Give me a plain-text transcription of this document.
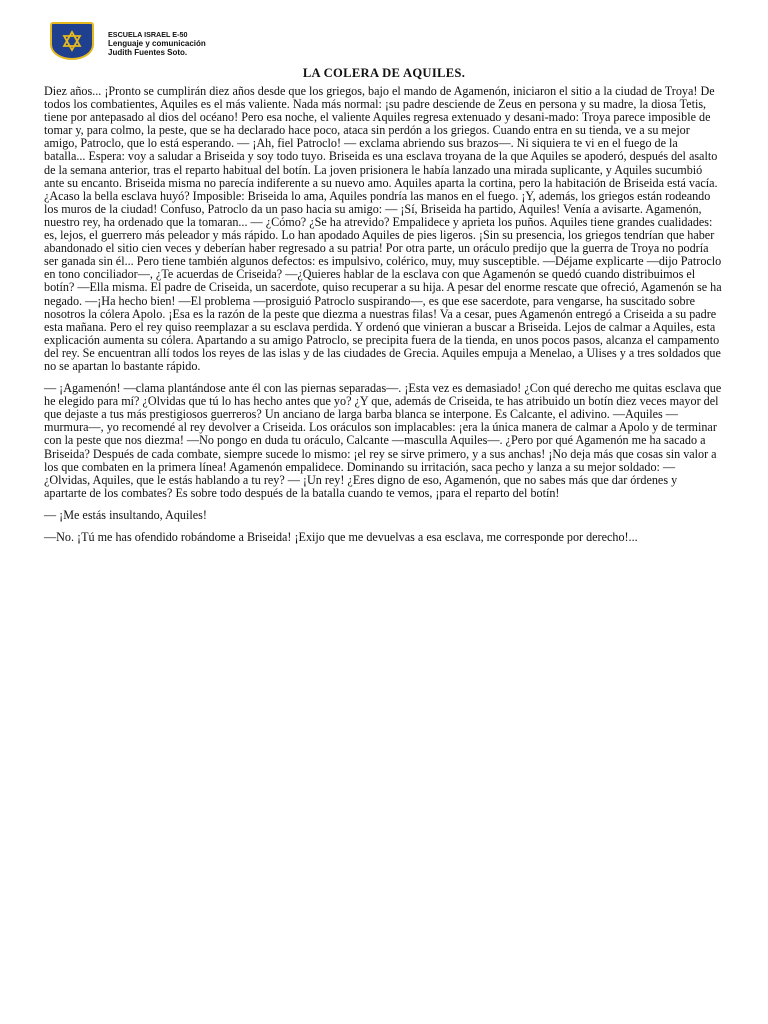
ESCUELA ISRAEL E-50
Lenguaje y comunicación
Judith Fuentes Soto.
LA COLERA DE AQUILES.

Diez años... ¡Pronto se cumplirán diez años desde que los griegos, bajo el mando de Agamenón, iniciaron el sitio a la ciudad de Troya! De todos los combatientes, Aquiles es el más valiente. Nada más normal: ¡su padre desciende de Zeus en persona y su madre, la diosa Tetis, tiene por antepasado al dios del océano! Pero esa noche, el valiente Aquiles regresa extenuado y desani-mado: Troya parece imposible de tomar y, para colmo, la peste, que se ha declarado hace poco, ataca sin perdón a los griegos. Cuando entra en su tienda, ve a su mejor amigo, Patroclo, que lo está esperando. — ¡Ah, fiel Patroclo! — exclama abriendo sus brazos—. Ni siquiera te vi en el fuego de la batalla... Espera: voy a saludar a Briseida y soy todo tuyo. Briseida es una esclava troyana de la que Aquiles se apoderó, después del asalto de la semana anterior, tras el reparto habitual del botín. La joven prisionera le había lanzado una mirada suplicante, y Aquiles sucumbió ante su encanto. Briseida misma no parecía indiferente a su nuevo amo. Aquiles aparta la cortina, pero la habitación de Briseida está vacía. ¿Acaso la bella esclava huyó? Imposible: Briseida lo ama, Aquiles pondría las manos en el fuego. ¡Y, además, los griegos están rodeando los muros de la ciudad! Confuso, Patroclo da un paso hacia su amigo: — ¡Sí, Briseida ha partido, Aquiles! Venía a avisarte. Agamenón, nuestro rey, ha ordenado que la tomaran... — ¿Cómo? ¿Se ha atrevido? Empalidece y aprieta los puños. Aquiles tiene grandes cualidades: es, lejos, el guerrero más peleador y más rápido. Lo han apodado Aquiles de pies ligeros. ¡Sin su presencia, los griegos tendrían que haber abandonado el sitio cien veces y deberían haber regresado a su patria! Por otra parte, un oráculo predijo que la guerra de Troya no podría ser ganada sin él... Pero tiene también algunos defectos: es impulsivo, colérico, muy, muy susceptible. —Déjame explicarte —dijo Patroclo en tono conciliador—, ¿Te acuerdas de Criseida? —¿Quieres hablar de la esclava con que Agamenón se quedó cuando distribuimos el botín? —Ella misma. El padre de Criseida, un sacerdote, quiso recuperar a su hija. A pesar del enorme rescate que ofreció, Agamenón se ha negado. —¡Ha hecho bien! —El problema —prosiguió Patroclo suspirando—, es que ese sacerdote, para vengarse, ha suscitado sobre nosotros la cólera Apolo. ¡Esa es la razón de la peste que diezma a nuestras filas! Va a cesar, pues Agamenón entregó a Criseida a su padre esta mañana. Pero el rey quiso reemplazar a su esclava perdida. Y ordenó que vinieran a buscar a Briseida. Lejos de calmar a Aquiles, esta explicación aumenta su cólera. Apartando a su amigo Patroclo, se precipita fuera de la tienda, en unos pocos pasos, alcanza el campamento del rey. Se encuentran allí todos los reyes de las islas y de las ciudades de Grecia. Aquiles empuja a Menelao, a Ulises y a tres soldados que no se apartan lo bastante rápido.

— ¡Agamenón! —clama plantándose ante él con las piernas separadas—. ¡Esta vez es demasiado! ¿Con qué derecho me quitas esclava que he elegido para mí? ¿Olvidas que tú lo has hecho antes que yo? ¿Y que, además de Criseida, te has atribuido un botín diez veces mayor del que dejaste a tus más prestigiosos guerreros? Un anciano de larga barba blanca se interpone. Es Calcante, el adivino. —Aquiles —murmura—, yo recomendé al rey devolver a Criseida. Los oráculos son implacables: ¡era la única manera de calmar a Apolo y de terminar con la peste que nos diezma! —No pongo en duda tu oráculo, Calcante —masculla Aquiles—. ¿Pero por qué Agamenón me ha sacado a Briseida? Después de cada combate, siempre sucede lo mismo: ¡el rey se sirve primero, y a sus anchas! ¡No deja más que cosas sin valor a los que combaten en la primera línea! Agamenón empalidece. Dominando su irritación, saca pecho y lanza a su mejor soldado: — ¿Olvidas, Aquiles, que le estás hablando a tu rey? — ¡Un rey! ¿Eres digno de eso, Agamenón, que no sabes más que dar órdenes y apartarte de los combates? Es sobre todo después de la batalla cuando te vemos, ¡para el reparto del botín!

— ¡Me estás insultando, Aquiles!

—No. ¡Tú me has ofendido robándome a Briseida! ¡Exijo que me devuelvas a esa esclava, me corresponde por derecho!...
